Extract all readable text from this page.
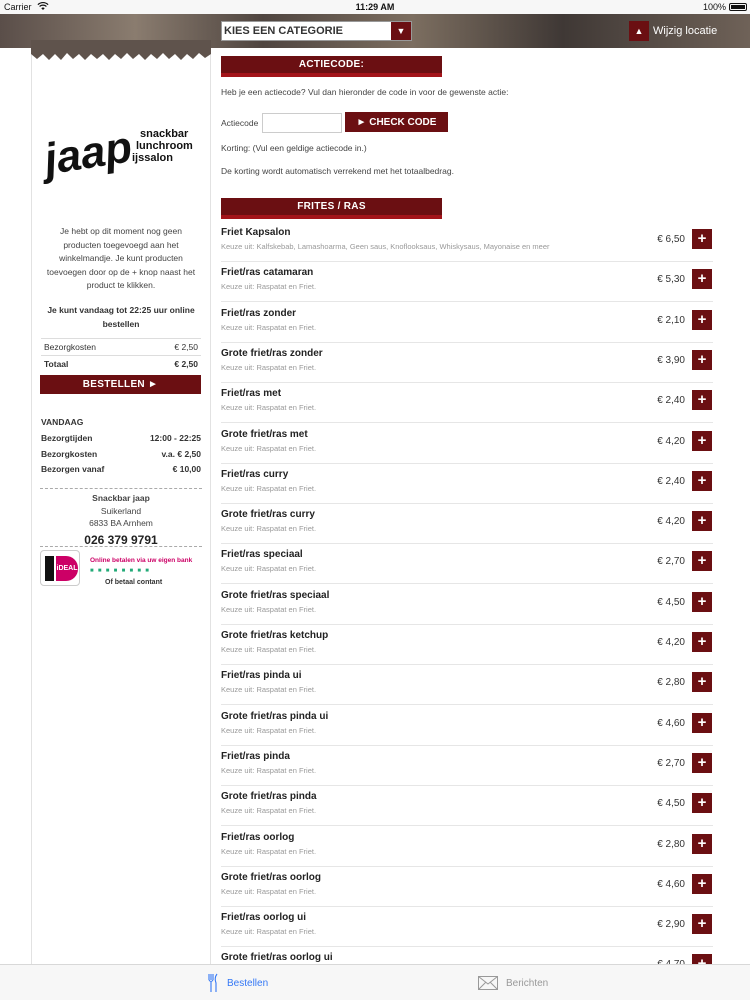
Carrier	11:29 AM	100%
KIES EEN CATEGORIE	▼	▲ Wijzig locatie
jaap snackbar
lunchroom
ijssalon
Je hebt op dit moment nog geen producten toegevoegd aan het winkelmandje. Je kunt producten toevoegen door op de + knop naast het product te klikken.
Je kunt vandaag tot 22:25 uur online bestellen
Bezorgkosten	€ 2,50
Totaal	€ 2,50
BESTELLEN ►
VANDAAG
Bezorgtijden	12:00 - 22:25
Bezorgkosten	v.a. € 2,50
Bezorgen vanaf	€ 10,00
Snackbar jaap
Suikerland
6833 BA Arnhem
026 379 9791
iDEAL
Online betalen via uw eigen bank
■ ■ ■ ■ ■ ■ ■ ■
Of betaal contant
ACTIECODE:
Heb je een actiecode? Vul dan hieronder de code in voor de gewenste actie:
Actiecode	► CHECK CODE
Korting: (Vul een geldige actiecode in.)
De korting wordt automatisch verrekend met het totaalbedrag.
FRITES / RAS
Friet Kapsalon
Keuze uit: Kalfskebab, Lamashoarma, Geen saus, Knoflooksaus, Whiskysaus, Mayonaise en meer
€ 6,50 +
Friet/ras catamaran
Keuze uit: Raspatat en Friet.
€ 5,30 +
Friet/ras zonder
Keuze uit: Raspatat en Friet.
€ 2,10 +
Grote friet/ras zonder
Keuze uit: Raspatat en Friet.
€ 3,90 +
Friet/ras met
Keuze uit: Raspatat en Friet.
€ 2,40 +
Grote friet/ras met
Keuze uit: Raspatat en Friet.
€ 4,20 +
Friet/ras curry
Keuze uit: Raspatat en Friet.
€ 2,40 +
Grote friet/ras curry
Keuze uit: Raspatat en Friet.
€ 4,20 +
Friet/ras speciaal
Keuze uit: Raspatat en Friet.
€ 2,70 +
Grote friet/ras speciaal
Keuze uit: Raspatat en Friet.
€ 4,50 +
Grote friet/ras ketchup
Keuze uit: Raspatat en Friet.
€ 4,20 +
Friet/ras pinda ui
Keuze uit: Raspatat en Friet.
€ 2,80 +
Grote friet/ras pinda ui
Keuze uit: Raspatat en Friet.
€ 4,60 +
Friet/ras pinda
Keuze uit: Raspatat en Friet.
€ 2,70 +
Grote friet/ras pinda
Keuze uit: Raspatat en Friet.
€ 4,50 +
Friet/ras oorlog
Keuze uit: Raspatat en Friet.
€ 2,80 +
Grote friet/ras oorlog
Keuze uit: Raspatat en Friet.
€ 4,60 +
Friet/ras oorlog ui
Keuze uit: Raspatat en Friet.
€ 2,90 +
Grote friet/ras oorlog ui
Bestellen	Berichten
